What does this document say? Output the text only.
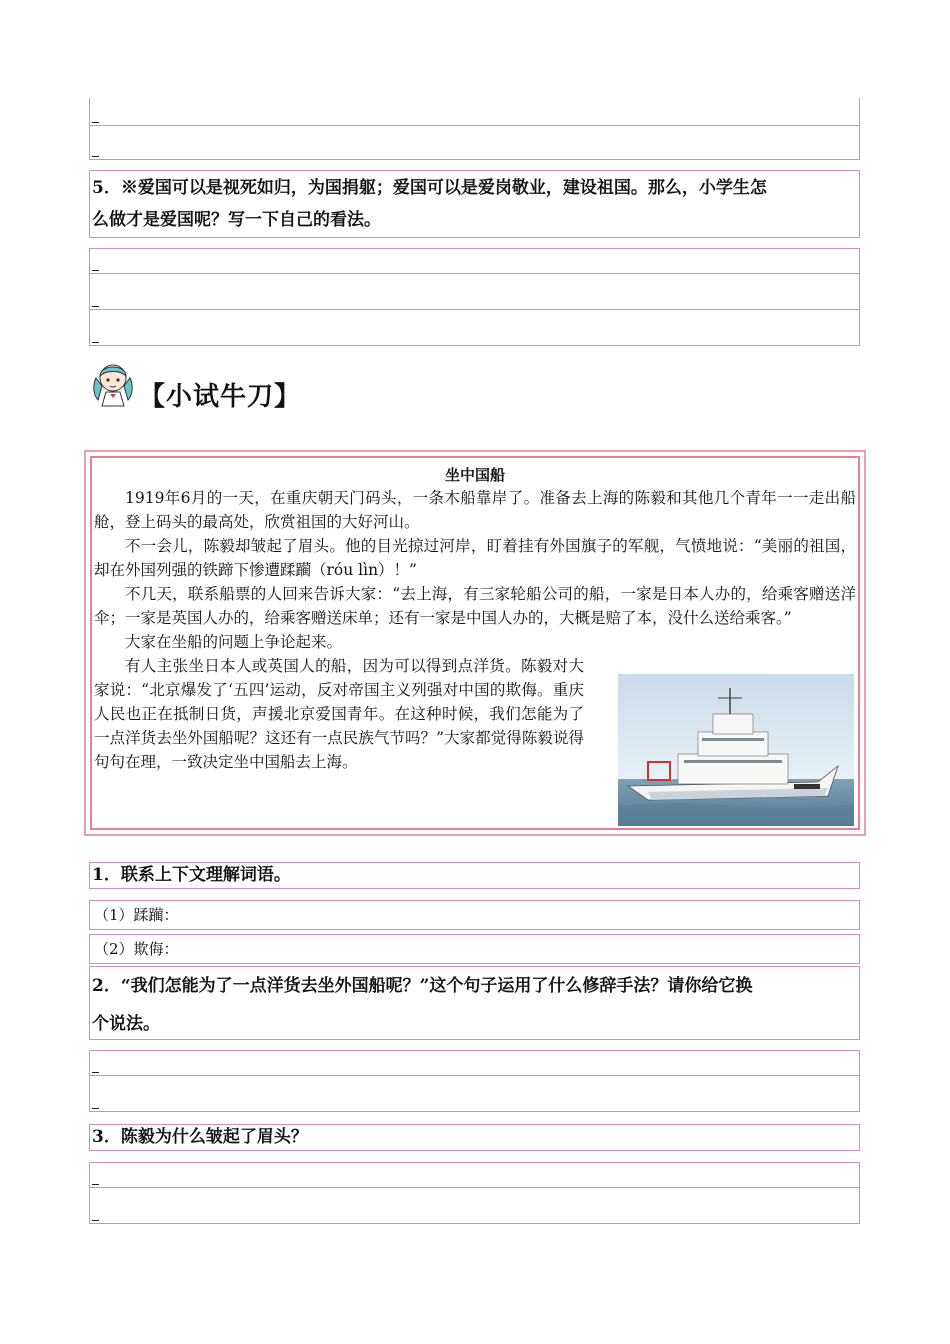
5．※爱国可以是视死如归，为国捐躯；爱国可以是爱岗敬业，建设祖国。那么，小学生怎
么做才是爱国呢？写一下自己的看法。
【小试牛刀】
坐中国船

1919年6月的一天，在重庆朝天门码头，一条木船靠岸了。准备去上海的陈毅和其他几个青年一一走出船舱，登上码头的最高处，欣赏祖国的大好河山。

不一会儿，陈毅却皱起了眉头。他的目光掠过河岸，盯着挂有外国旗子的军舰，气愤地说：“美丽的祖国，却在外国列强的铁蹄下惨遭蹂躏（róu lìn）！”

不几天，联系船票的人回来告诉大家：“去上海，有三家轮船公司的船，一家是日本人办的，给乘客赠送洋伞；一家是英国人办的，给乘客赠送床单；还有一家是中国人办的，大概是赔了本，没什么送给乘客。”

大家在坐船的问题上争论起来。

有人主张坐日本人或英国人的船，因为可以得到点洋货。陈毅对大家说：“北京爆发了‘五四’运动，反对帝国主义列强对中国的欺侮。重庆人民也正在抵制日货，声援北京爱国青年。在这种时候，我们怎能为了一点洋货去坐外国船呢？这还有一点民族气节吗？”大家都觉得陈毅说得句句在理，一致决定坐中国船去上海。

1．联系上下文理解词语。
（1）蹂躏：
（2）欺侮：
2．“我们怎能为了一点洋货去坐外国船呢？”这个句子运用了什么修辞手法？请你给它换
个说法。
3．陈毅为什么皱起了眉头？
